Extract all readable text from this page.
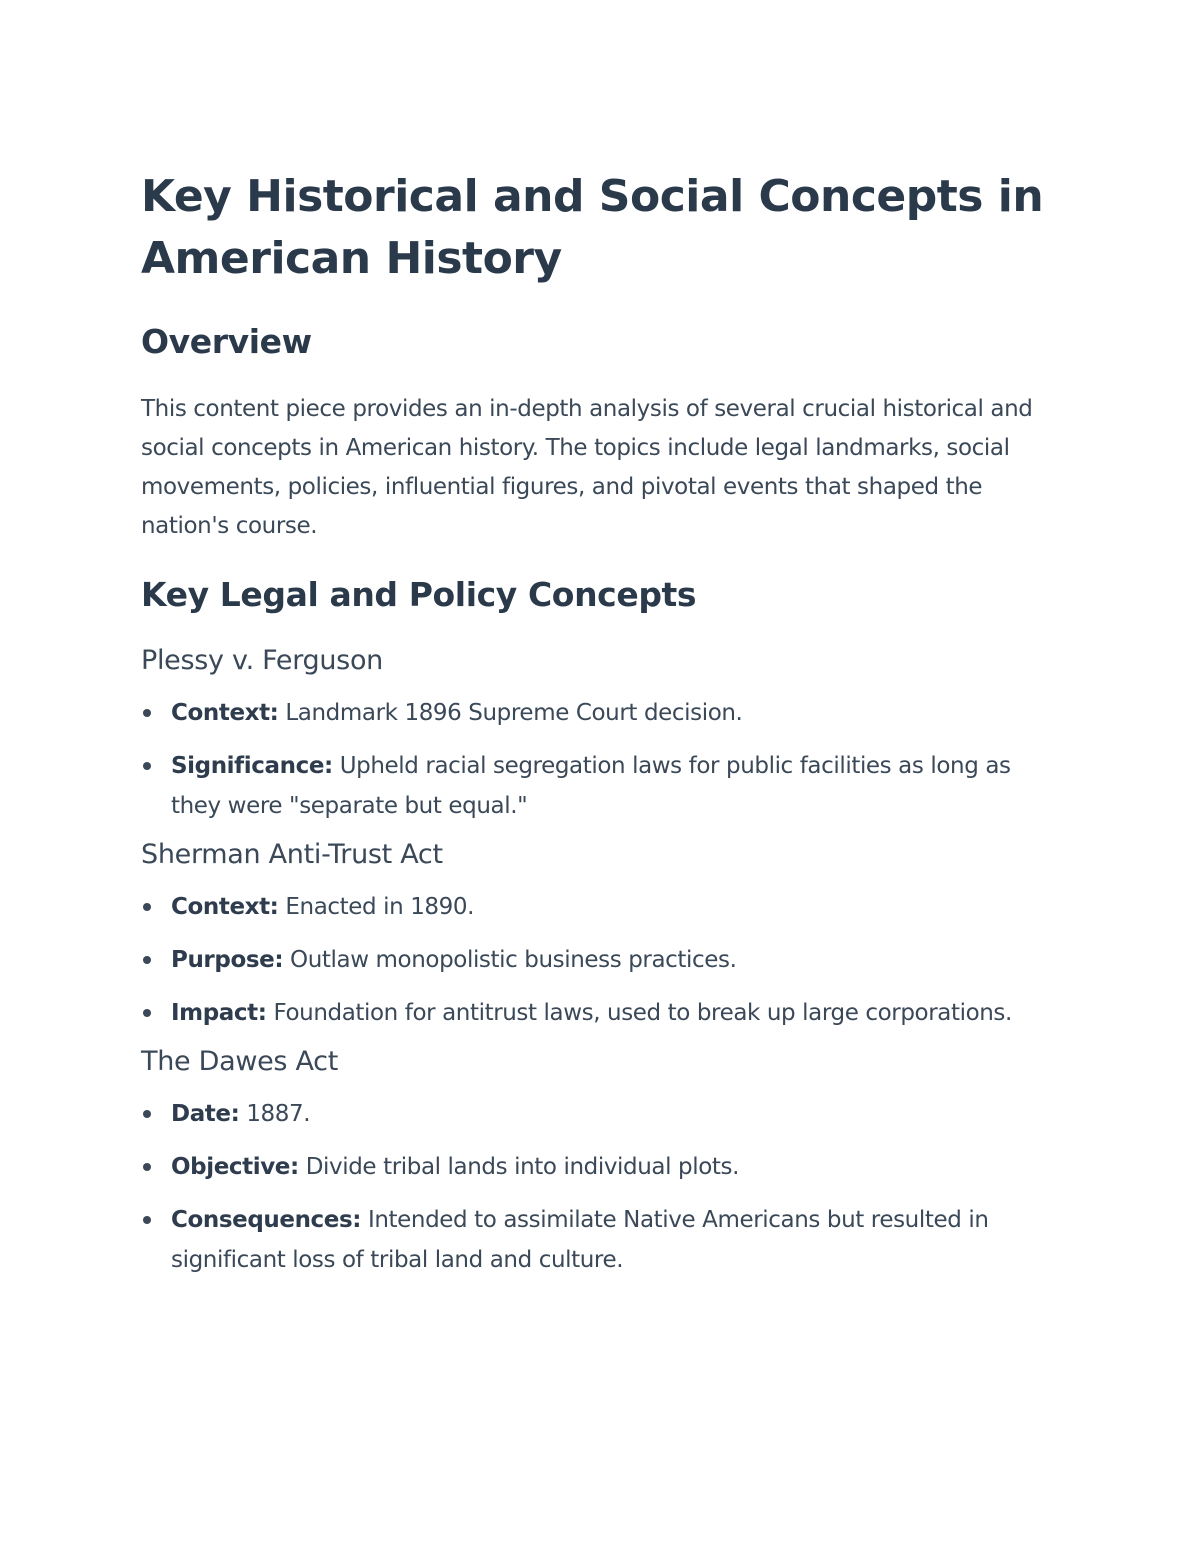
Key Historical and Social Concepts in American History
Overview

This content piece provides an in-depth analysis of several crucial historical and social concepts in American history. The topics include legal landmarks, social movements, policies, influential figures, and pivotal events that shaped the nation's course.

Key Legal and Policy Concepts
Plessy v. Ferguson
Context: Landmark 1896 Supreme Court decision.
Significance: Upheld racial segregation laws for public facilities as long as they were "separate but equal."
Sherman Anti-Trust Act
Context: Enacted in 1890.
Purpose: Outlaw monopolistic business practices.
Impact: Foundation for antitrust laws, used to break up large corporations.
The Dawes Act
Date: 1887.
Objective: Divide tribal lands into individual plots.
Consequences: Intended to assimilate Native Americans but resulted in significant loss of tribal land and culture.
